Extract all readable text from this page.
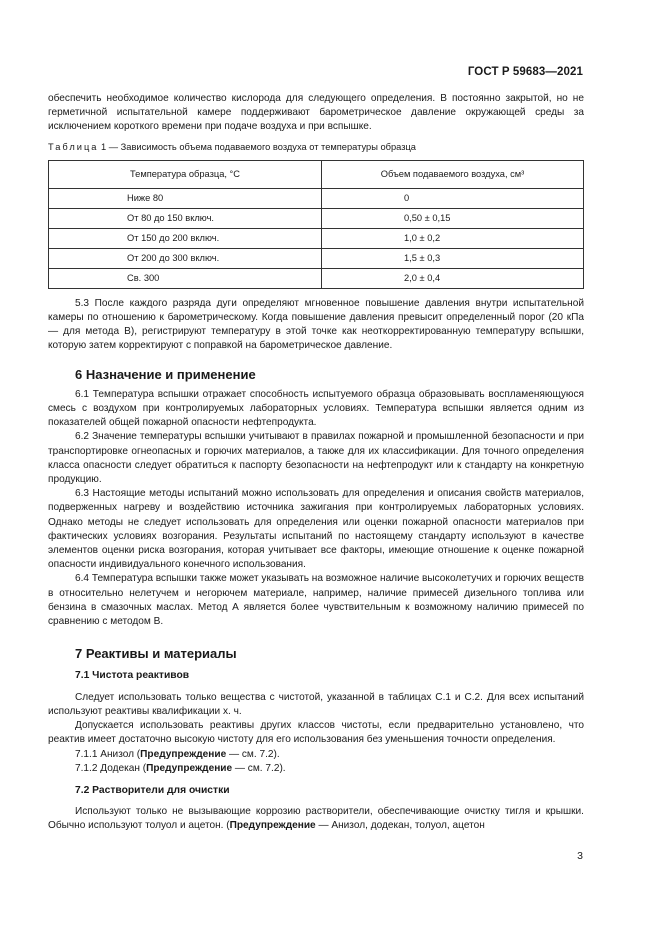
ГОСТ Р 59683—2021

обеспечить необходимое количество кислорода для следующего определения. В постоянно закрытой, но не герметичной испытательной камере поддерживают барометрическое давление окружающей среды за исключением короткого времени при подаче воздуха и при вспышке.

Таблица 1 — Зависимость объема подаваемого воздуха от температуры образца

Температура образца, °С	Объем подаваемого воздуха, см³
Ниже 80	0
От 80 до 150 включ.	0,50 ± 0,15
От 150 до 200 включ.	1,0 ± 0,2
От 200 до 300 включ.	1,5 ± 0,3
Св. 300	2,0 ± 0,4

5.3 После каждого разряда дуги определяют мгновенное повышение давления внутри испытательной камеры по отношению к барометрическому. Когда повышение давления превысит определенный порог (20 кПа — для метода В), регистрируют температуру в этой точке как неоткорректированную температуру вспышки, которую затем корректируют с поправкой на барометрическое давление.

6 Назначение и применение

6.1 Температура вспышки отражает способность испытуемого образца образовывать воспламеняющуюся смесь с воздухом при контролируемых лабораторных условиях. Температура вспышки является одним из показателей общей пожарной опасности нефтепродукта.

6.2 Значение температуры вспышки учитывают в правилах пожарной и промышленной безопасности и при транспортировке огнеопасных и горючих материалов, а также для их классификации. Для точного определения класса опасности следует обратиться к паспорту безопасности на нефтепродукт или к стандарту на конкретную продукцию.

6.3 Настоящие методы испытаний можно использовать для определения и описания свойств материалов, подверженных нагреву и воздействию источника зажигания при контролируемых лабораторных условиях. Однако методы не следует использовать для определения или оценки пожарной опасности материалов при фактических условиях возгорания. Результаты испытаний по настоящему стандарту используют в качестве элементов оценки риска возгорания, которая учитывает все факторы, имеющие отношение к оценке пожарной опасности индивидуального конечного использования.

6.4 Температура вспышки также может указывать на возможное наличие высоколетучих и горючих веществ в относительно нелетучем и негорючем материале, например, наличие примесей дизельного топлива или бензина в смазочных маслах. Метод А является более чувствительным к возможному наличию примесей по сравнению с методом В.

7 Реактивы и материалы
7.1 Чистота реактивов

Следует использовать только вещества с чистотой, указанной в таблицах С.1 и С.2. Для всех испытаний используют реактивы квалификации х. ч.

Допускается использовать реактивы других классов чистоты, если предварительно установлено, что реактив имеет достаточно высокую чистоту для его использования без уменьшения точности определения.

7.1.1 Анизол (Предупреждение — см. 7.2).

7.1.2 Додекан (Предупреждение — см. 7.2).

7.2 Растворители для очистки

Используют только не вызывающие коррозию растворители, обеспечивающие очистку тигля и крышки. Обычно используют толуол и ацетон. (Предупреждение — Анизол, додекан, толуол, ацетон

3
